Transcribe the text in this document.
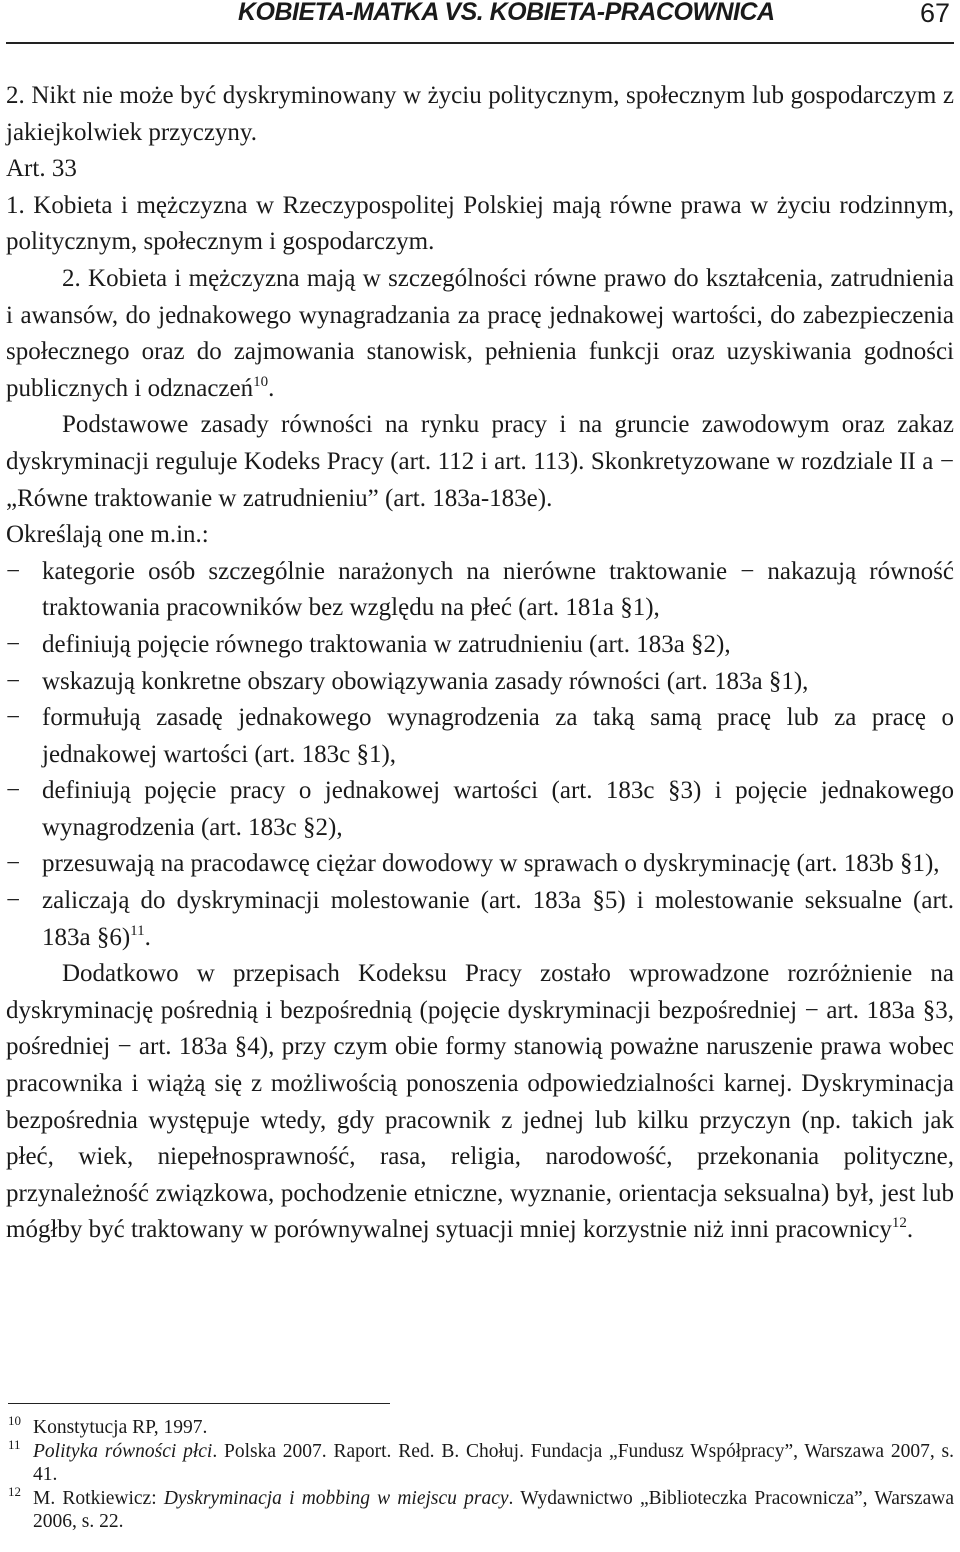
KOBIETA-MATKA VS. KOBIETA-PRACOWNICA	67

2. Nikt nie może być dyskryminowany w życiu politycznym, społecznym lub gospodarczym z jakiejkolwiek przyczyny.

Art. 33

1. Kobieta i mężczyzna w Rzeczypospolitej Polskiej mają równe prawa w życiu rodzinnym, politycznym, społecznym i gospodarczym.

2. Kobieta i mężczyzna mają w szczególności równe prawo do kształcenia, zatrudnienia i awansów, do jednakowego wynagradzania za pracę jednakowej wartości, do zabezpieczenia społecznego oraz do zajmowania stanowisk, pełnienia funkcji oraz uzyskiwania godności publicznych i odznaczeń$^{10}$.

Podstawowe zasady równości na rynku pracy i na gruncie zawodowym oraz zakaz dyskryminacji reguluje Kodeks Pracy (art. 112 i art. 113). Skonkretyzowane w rozdziale II a − „Równe traktowanie w zatrudnieniu” (art. 183a-183e).

Określają one m.in.:

− kategorie osób szczególnie narażonych na nierówne traktowanie − nakazują równość traktowania pracowników bez względu na płeć (art. 181a §1),
− definiują pojęcie równego traktowania w zatrudnieniu (art. 183a §2),
− wskazują konkretne obszary obowiązywania zasady równości (art. 183a §1),
− formułują zasadę jednakowego wynagrodzenia za taką samą pracę lub za pracę o jednakowej wartości (art. 183c §1),
− definiują pojęcie pracy o jednakowej wartości (art. 183c §3) i pojęcie jednakowego wynagrodzenia (art. 183c §2),
− przesuwają na pracodawcę ciężar dowodowy w sprawach o dyskryminację (art. 183b §1),
− zaliczają do dyskryminacji molestowanie (art. 183a §5) i molestowanie seksualne (art. 183a §6)$^{11}$.

Dodatkowo w przepisach Kodeksu Pracy zostało wprowadzone rozróżnienie na dyskryminację pośrednią i bezpośrednią (pojęcie dyskryminacji bezpośredniej − art. 183a §3, pośredniej − art. 183a §4), przy czym obie formy stanowią poważne naruszenie prawa wobec pracownika i wiążą się z możliwością ponoszenia odpowiedzialności karnej. Dyskryminacja bezpośrednia występuje wtedy, gdy pracownik z jednej lub kilku przyczyn (np. takich jak płeć, wiek, niepełnosprawność, rasa, religia, narodowość, przekonania polityczne, przynależność związkowa, pochodzenie etniczne, wyznanie, orientacja seksualna) był, jest lub mógłby być traktowany w porównywalnej sytuacji mniej korzystnie niż inni pracownicy$^{12}$.

10 Konstytucja RP, 1997.
11 Polityka równości płci. Polska 2007. Raport. Red. B. Chołuj. Fundacja „Fundusz Współpracy”, Warszawa 2007, s. 41.
12 M. Rotkiewicz: Dyskryminacja i mobbing w miejscu pracy. Wydawnictwo „Biblioteczka Pracownicza”, Warszawa 2006, s. 22.
